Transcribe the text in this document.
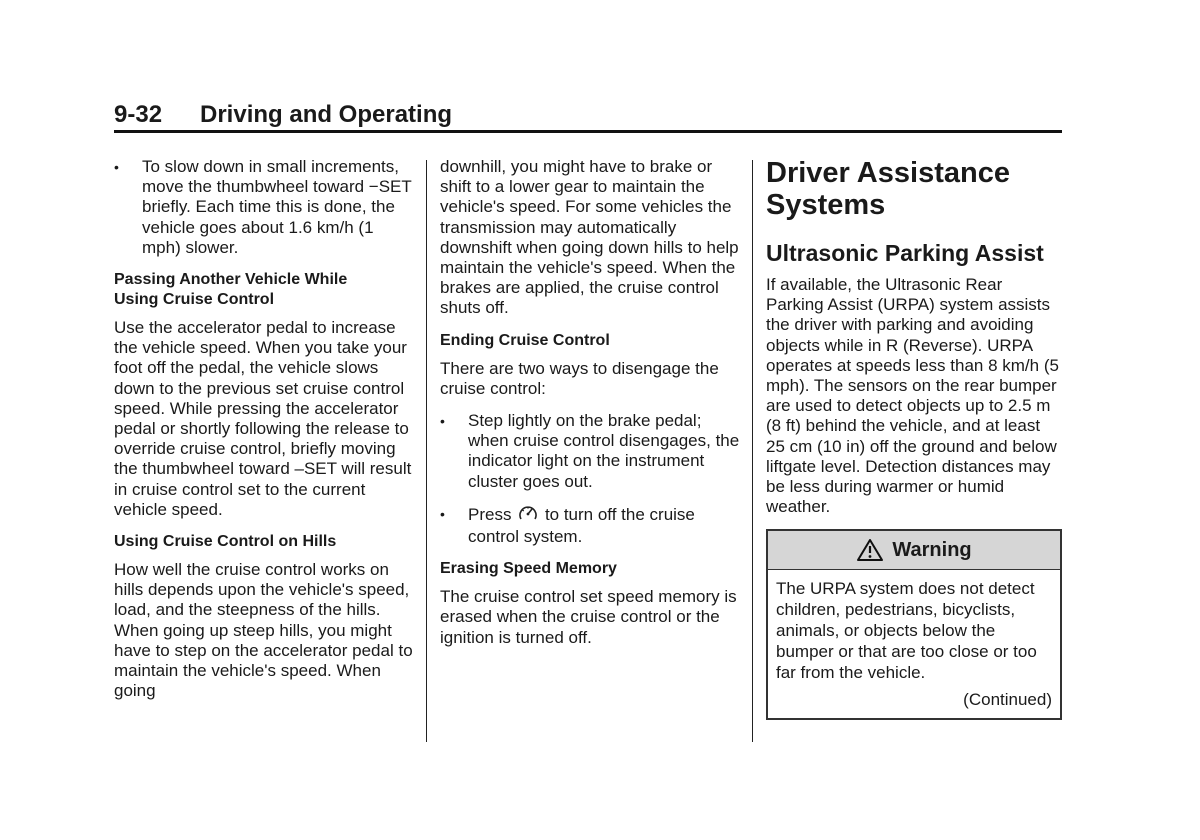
9-32 Driving and Operating
• To slow down in small increments, move the thumbwheel toward −SET briefly. Each time this is done, the vehicle goes about 1.6 km/h (1 mph) slower.
Passing Another Vehicle While
Using Cruise Control

Use the accelerator pedal to increase the vehicle speed. When you take your foot off the pedal, the vehicle slows down to the previous set cruise control speed. While pressing the accelerator pedal or shortly following the release to override cruise control, briefly moving the thumbwheel toward –SET will result in cruise control set to the current vehicle speed.

Using Cruise Control on Hills

How well the cruise control works on hills depends upon the vehicle's speed, load, and the steepness of the hills. When going up steep hills, you might have to step on the accelerator pedal to maintain the vehicle's speed. When going

downhill, you might have to brake or shift to a lower gear to maintain the vehicle's speed. For some vehicles the transmission may automatically downshift when going down hills to help maintain the vehicle's speed. When the brakes are applied, the cruise control shuts off.

Ending Cruise Control

There are two ways to disengage the cruise control:

• Step lightly on the brake pedal; when cruise control disengages, the indicator light on the instrument cluster goes out.
• Press to turn off the cruise control system.
Erasing Speed Memory

The cruise control set speed memory is erased when the cruise control or the ignition is turned off.

Driver Assistance
Systems
Ultrasonic Parking Assist

If available, the Ultrasonic Rear Parking Assist (URPA) system assists the driver with parking and avoiding objects while in R (Reverse). URPA operates at speeds less than 8 km/h (5 mph). The sensors on the rear bumper are used to detect objects up to 2.5 m (8 ft) behind the vehicle, and at least 25 cm (10 in) off the ground and below liftgate level. Detection distances may be less during warmer or humid weather.

Warning
The URPA system does not detect children, pedestrians, bicyclists, animals, or objects below the bumper or that are too close or too far from the vehicle.
(Continued)
